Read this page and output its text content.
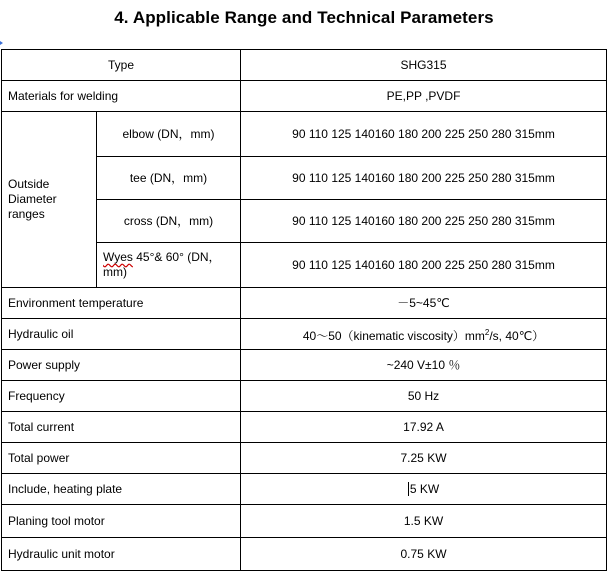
4. Applicable Range and Technical Parameters
Type		SHG315
Materials for welding		PE,PP ,PVDF

Outside
Diameter
ranges	elbow (DN，mm)	90 110 125 140160 180 200 225 250 280 315mm
	tee (DN，mm)	90 110 125 140160 180 200 225 250 280 315mm
	cross (DN，mm)	90 110 125 140160 180 200 225 250 280 315mm

	Wyes 45°& 60° (DN，
mm)	90 110 125 140160 180 200 225 250 280 315mm
Environment temperature		－5~45℃
Hydraulic oil		40～50（kinematic $viscosity)mm^2/s$, 40℃）
Power supply		~240 V±10 ％
Frequency		50 Hz
Total current		17.92 A
Total power		7.25 KW
Include, heating plate		5 KW
Planing tool motor		1.5 KW
Hydraulic unit motor		0.75 KW
